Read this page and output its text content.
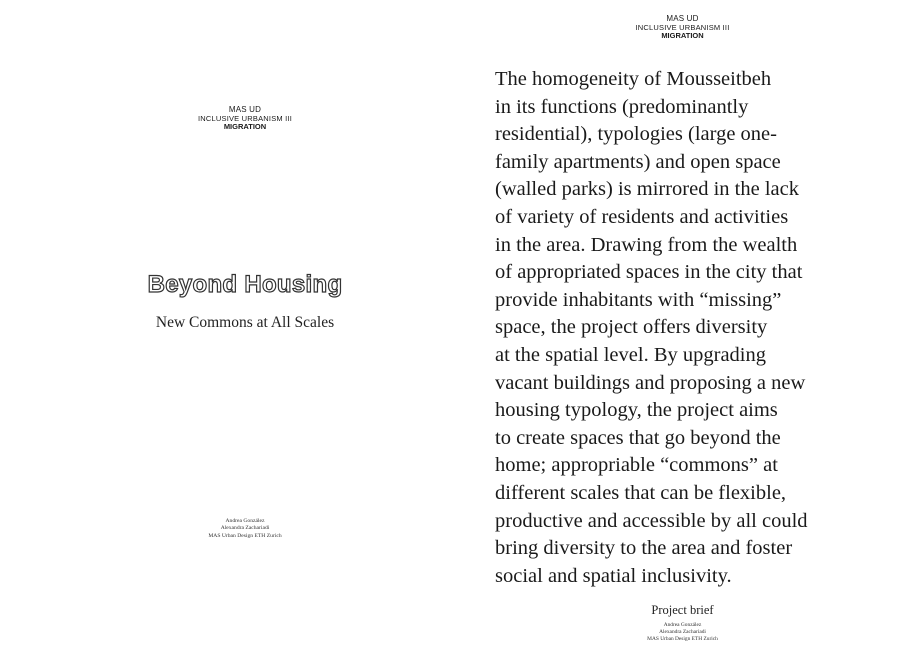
MAS UD
INCLUSIVE URBANISM III
MIGRATION
Beyond Housing
New Commons at All Scales
Andrea González
Alexandra Zachariadi
MAS Urban Design ETH Zurich
MAS UD
INCLUSIVE URBANISM III
MIGRATION
The homogeneity of Mousseitbeh
in its functions (predominantly
residential), typologies (large one-
family apartments) and open space
(walled parks) is mirrored in the lack
of variety of residents and activities
in the area. Drawing from the wealth
of appropriated spaces in the city that
provide inhabitants with “missing”
space, the project offers diversity
at the spatial level. By upgrading
vacant buildings and proposing a new
housing typology, the project aims
to create spaces that go beyond the
home; appropriable “commons” at
different scales that can be flexible,
productive and accessible by all could
bring diversity to the area and foster
social and spatial inclusivity.
Project brief
Andrea González
Alexandra Zachariadi
MAS Urban Design ETH Zurich
